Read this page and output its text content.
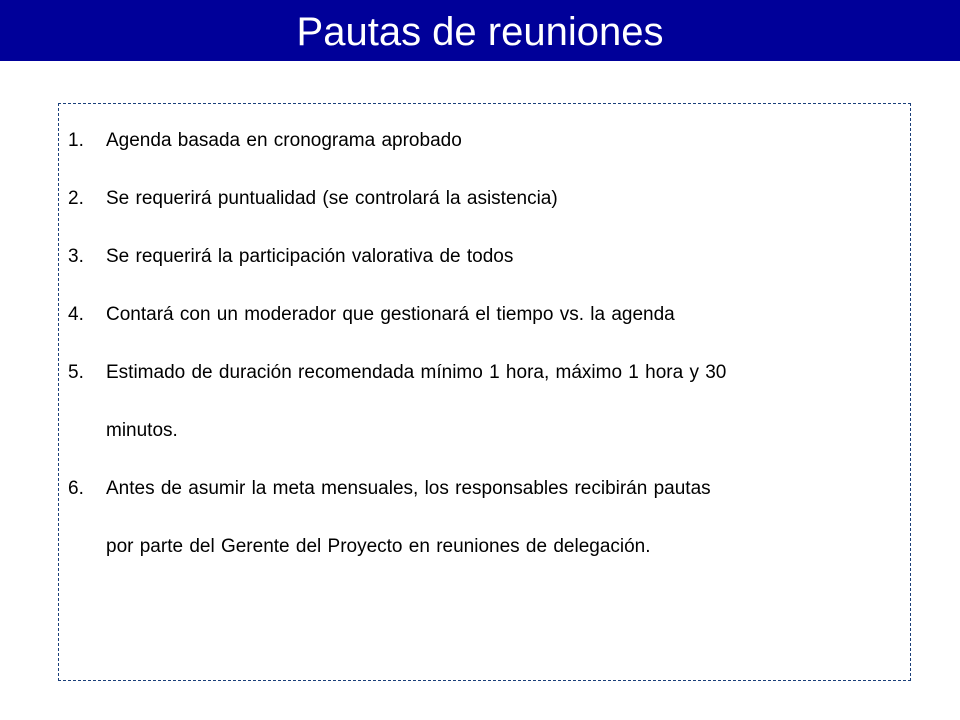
Pautas de reuniones
1. Agenda basada en cronograma aprobado
2. Se requerirá puntualidad (se controlará la asistencia)
3. Se requerirá la participación valorativa de todos
4. Contará con un moderador que gestionará el tiempo vs. la agenda
5. Estimado de duración recomendada mínimo 1 hora, máximo 1 hora y 30
minutos.
6. Antes de asumir la meta mensuales, los responsables recibirán pautas
por parte del Gerente del Proyecto en reuniones de delegación.
